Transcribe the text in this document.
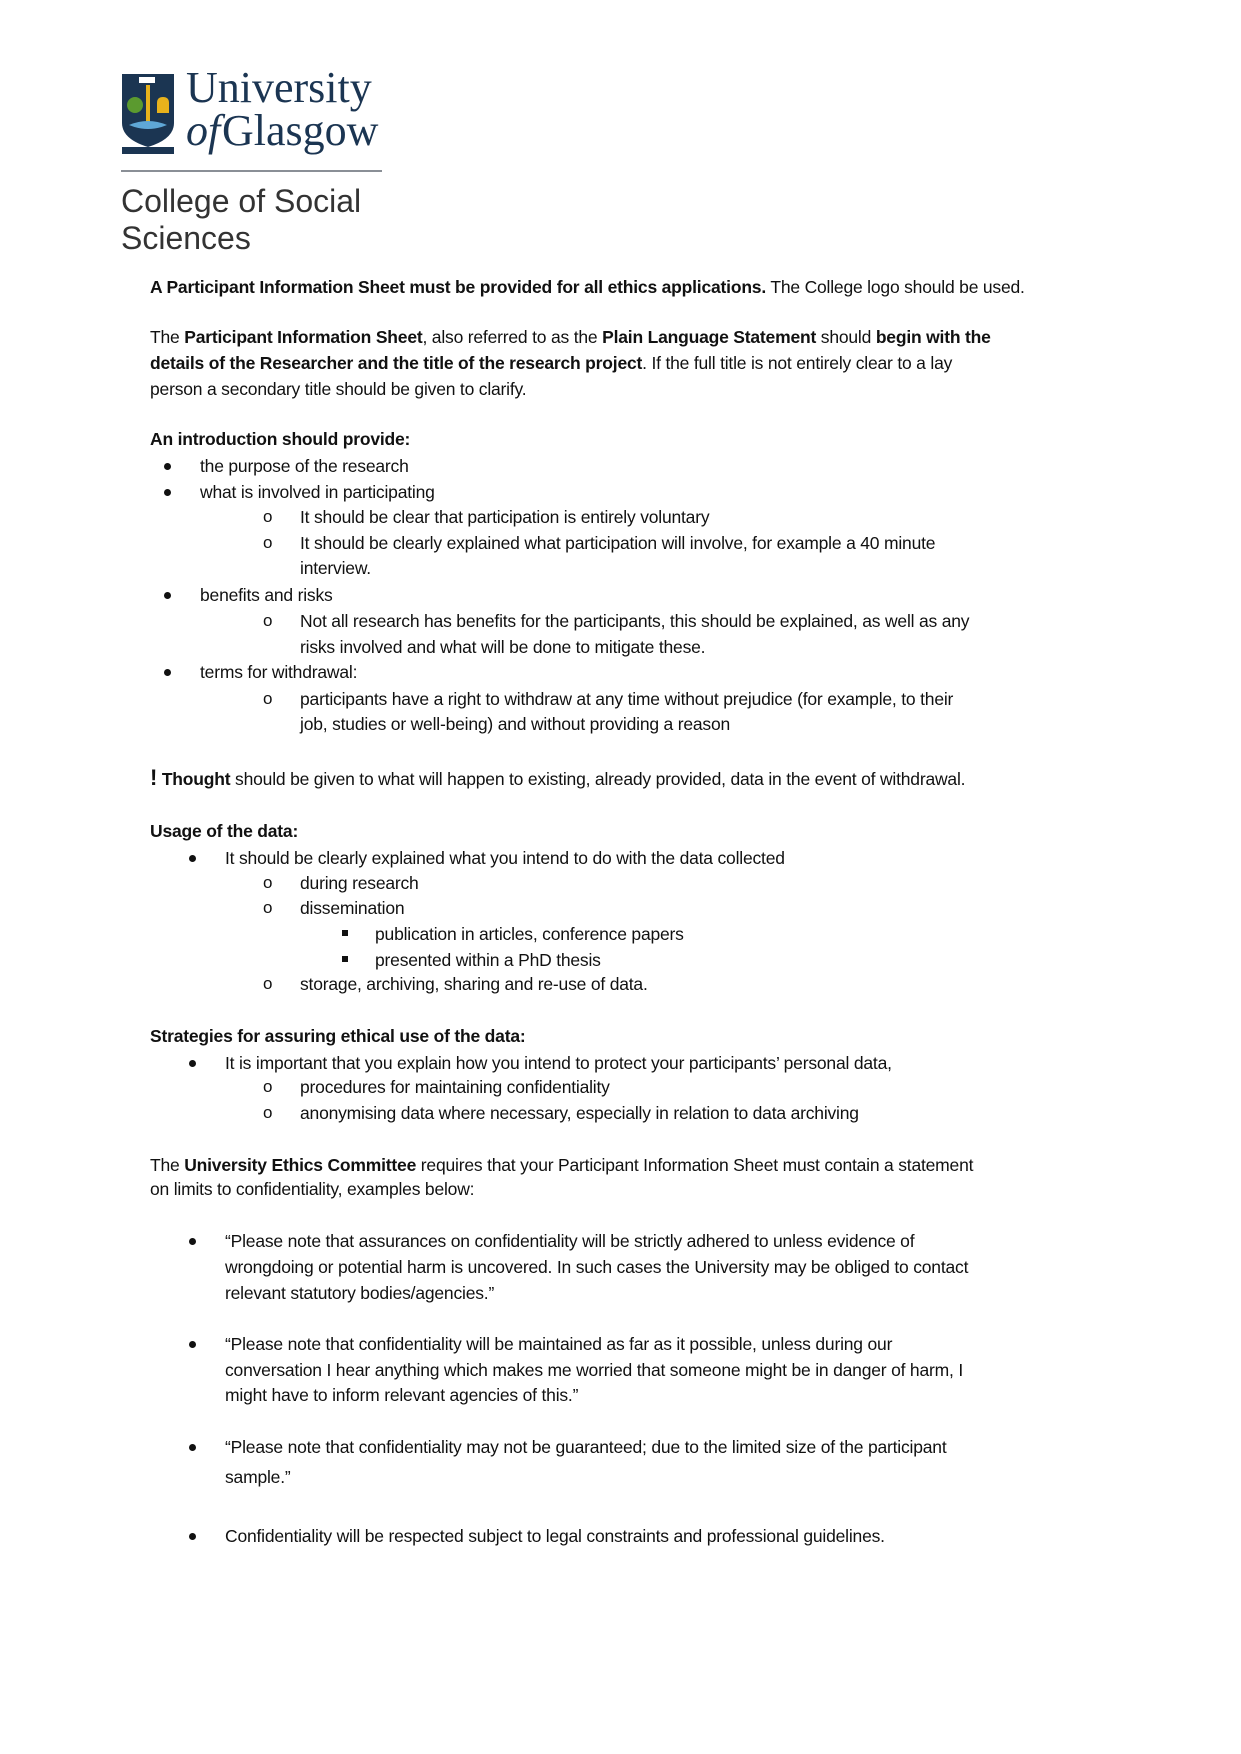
University
of Glasgow
College of Social
Sciences
A Participant Information Sheet must be provided for all ethics applications. The College logo should be used.
The Participant Information Sheet, also referred to as the Plain Language Statement should begin with the
details of the Researcher and the title of the research project. If the full title is not entirely clear to a lay
person a secondary title should be given to clarify.
An introduction should provide:
the purpose of the research
what is involved in participating
o It should be clear that participation is entirely voluntary
o It should be clearly explained what participation will involve, for example a 40 minute
interview.
benefits and risks
o Not all research has benefits for the participants, this should be explained, as well as any
risks involved and what will be done to mitigate these.
terms for withdrawal:
o participants have a right to withdraw at any time without prejudice (for example, to their
job, studies or well-being) and without providing a reason
! Thought should be given to what will happen to existing, already provided, data in the event of withdrawal.
Usage of the data:
It should be clearly explained what you intend to do with the data collected
o during research
o dissemination
publication in articles, conference papers
presented within a PhD thesis
o storage, archiving, sharing and re-use of data.
Strategies for assuring ethical use of the data:
It is important that you explain how you intend to protect your participants’ personal data,
o procedures for maintaining confidentiality
o anonymising data where necessary, especially in relation to data archiving
The University Ethics Committee requires that your Participant Information Sheet must contain a statement
on limits to confidentiality, examples below:
“Please note that assurances on confidentiality will be strictly adhered to unless evidence of
wrongdoing or potential harm is uncovered. In such cases the University may be obliged to contact
relevant statutory bodies/agencies.”
“Please note that confidentiality will be maintained as far as it possible, unless during our
conversation I hear anything which makes me worried that someone might be in danger of harm, I
might have to inform relevant agencies of this.”
“Please note that confidentiality may not be guaranteed; due to the limited size of the participant
sample.”
Confidentiality will be respected subject to legal constraints and professional guidelines.
